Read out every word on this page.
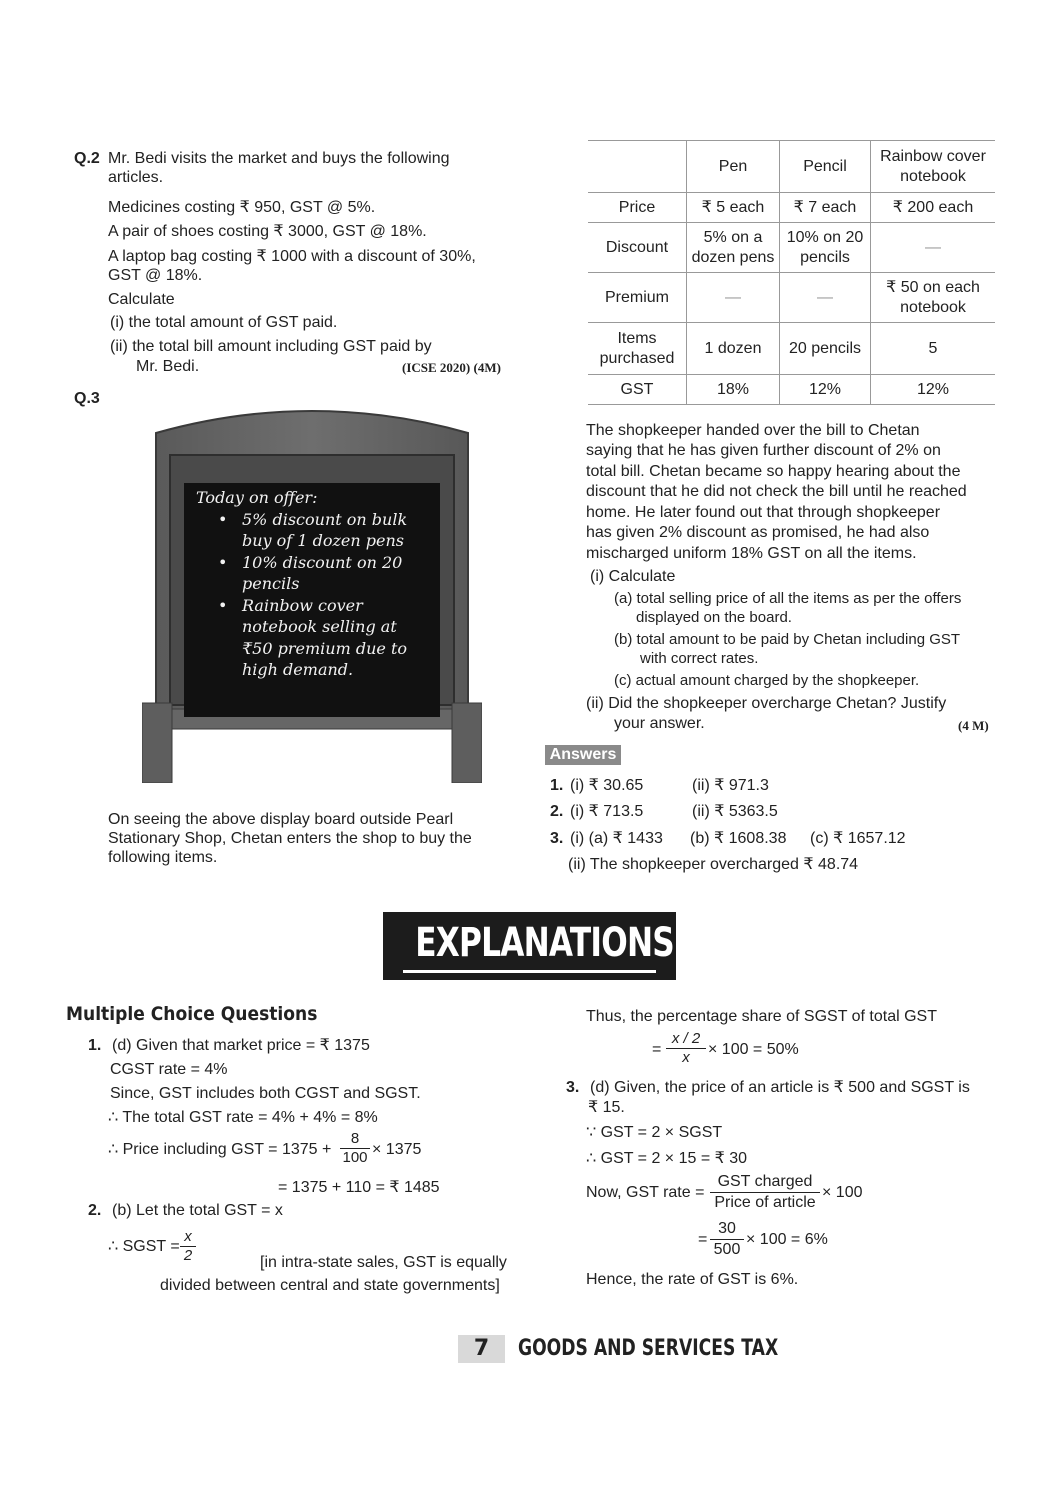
Q.2 Mr. Bedi visits the market and buys the following
articles.
Medicines costing ₹ 950, GST @ 5%.
A pair of shoes costing ₹ 3000, GST @ 18%.
A laptop bag costing ₹ 1000 with a discount of 30%,
GST @ 18%.
Calculate
(i) the total amount of GST paid.
(ii) the total bill amount including GST paid by
Mr. Bedi.	(ICSE 2020) (4M)
Q.3
Today on offer:
• 5% discount on bulk
buy of 1 dozen pens
• 10% discount on 20
pencils
• Rainbow cover
notebook selling at
₹50 premium due to
high demand.
On seeing the above display board outside Pearl
Stationary Shop, Chetan enters the shop to buy the
following items.
	Pen	Pencil	Rainbow cover notebook
Price	₹ 5 each	₹ 7 each	₹ 200 each
Discount	5% on a dozen pens	10% on 20 pencils	—
Premium	—	—	₹ 50 on each notebook
Items purchased	1 dozen	20 pencils	5
GST	18%	12%	12%
The shopkeeper handed over the bill to Chetan
saying that he has given further discount of 2% on
total bill. Chetan became so happy hearing about the
discount that he did not check the bill until he reached
home. He later found out that through shopkeeper
has given 2% discount as promised, he had also
mischarged uniform 18% GST on all the items.
(i) Calculate
(a) total selling price of all the items as per the offers
displayed on the board.
(b) total amount to be paid by Chetan including GST
with correct rates.
(c) actual amount charged by the shopkeeper.
(ii) Did the shopkeeper overcharge Chetan? Justify
your answer.	(4 M)
Answers
1. (i) ₹ 30.65	(ii) ₹ 971.3
2. (i) ₹ 713.5	(ii) ₹ 5363.5
3. (i) (a) ₹ 1433 (b) ₹ 1608.38 (c) ₹ 1657.12
(ii) The shopkeeper overcharged ₹ 48.74
EXPLANATIONS
Multiple Choice Questions
1. (d) Given that market price = ₹ 1375
CGST rate = 4%
Since, GST includes both CGST and SGST.
∴ The total GST rate = 4% + 4% = 8%
∴ Price including GST = $1375 + \frac{8}{100} \times 1375$
= 1375 + 110 = ₹ 1485
2. (b) Let the total GST = x
∴ SGST = $\frac{x}{2}$	[in intra-state sales, GST is equally
divided between central and state governments]
Thus, the percentage share of SGST of total GST
= $\frac{x / 2}{x} \times 100 = 50\%$
3. (d) Given, the price of an article is ₹ 500 and SGST is
₹ 15.
∵ GST = 2 × SGST
∴ GST = 2 × 15 = ₹ 30
Now, GST rate =
GST charged
Price of article
× 100
= $\frac{30}{500} \times 100 = 6\%$
Hence, the rate of GST is 6%.
7	GOODS AND SERVICES TAX
